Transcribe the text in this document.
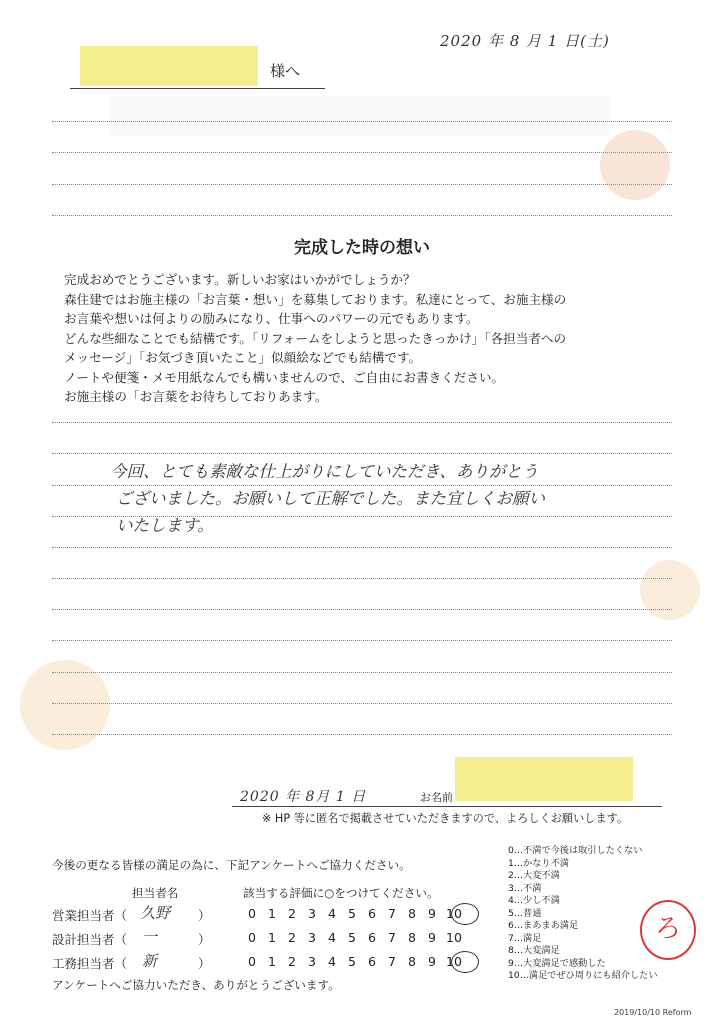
2020 年 8 月 1 日(土)
様へ
完成した時の想い
完成おめでとうございます。新しいお家はいかがでしょうか？
森住建ではお施主様の「お言葉・想い」を募集しております。私達にとって、お施主様の
お言葉や想いは何よりの励みになり、仕事へのパワーの元でもあります。
どんな些細なことでも結構です。「リフォームをしようと思ったきっかけ」「各担当者への
メッセージ」「お気づき頂いたこと」似顔絵などでも結構です。
ノートや便箋・メモ用紙なんでも構いませんので、ご自由にお書きください。
お施主様の「お言葉をお待ちしておりあます。
今回、とても素敵な仕上がりにしていただき、ありがとう
ございました。お願いして正解でした。また宜しくお願い
いたします。
2020 年 8月 1 日	お名前
※ HP 等に匿名で掲載させていただきますので、よろしくお願いします。
今後の更なる皆様の満足の為に、下記アンケートへご協力ください。
担当者名	該当する評価に○をつけてください。
営業担当者（ 久野 ）	0 1 2 3 4 5 6 7 8 9 10
設計担当者（ 一	）	0 1 2 3 4 5 6 7 8 9 10
工務担当者（ 新	）	0 1 2 3 4 5 6 7 8 9 10
アンケートへご協力いただき、ありがとうございます。
0…不満で今後は取引したくない
1…かなり不満
2…大変不満
3…不満
4…少し不満
5…普通
6…まあまあ満足
7…満足
8…大変満足
9…大変満足で感動した
10…満足でぜひ周りにも紹介したい
ろ
2019/10/10 Reform
